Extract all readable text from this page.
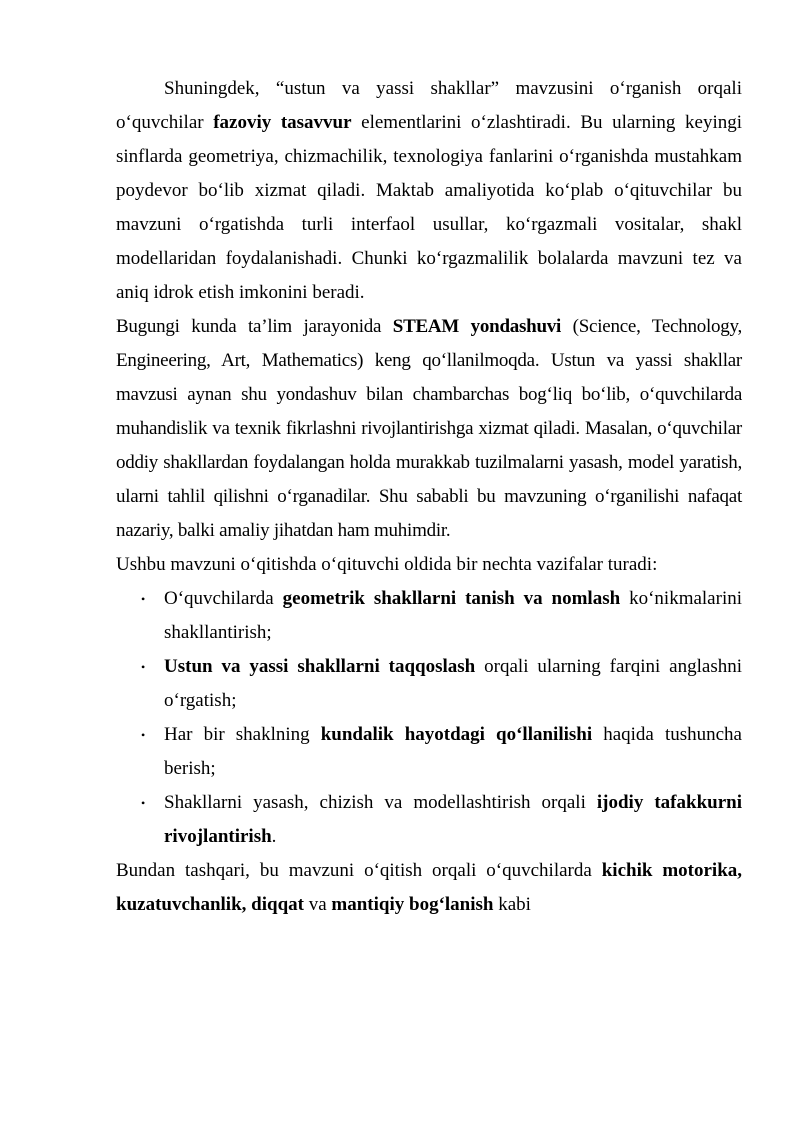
Shuningdek, “ustun va yassi shakllar” mavzusini o‘rganish orqali o‘quvchilar fazoviy tasavvur elementlarini o‘zlashtiradi. Bu ularning keyingi sinflarda geometriya, chizmachilik, texnologiya fanlarini o‘rganishda mustahkam poydevor bo‘lib xizmat qiladi. Maktab amaliyotida ko‘plab o‘qituvchilar bu mavzuni o‘rgatishda turli interfaol usullar, ko‘rgazmali vositalar, shakl modellaridan foydalanishadi. Chunki ko‘rgazmalilik bolalarda mavzuni tez va aniq idrok etish imkonini beradi.

Bugungi kunda ta’lim jarayonida STEAM yondashuvi (Science, Technology, Engineering, Art, Mathematics) keng qo‘llanilmoqda. Ustun va yassi shakllar mavzusi aynan shu yondashuv bilan chambarchas bog‘liq bo‘lib, o‘quvchilarda muhandislik va texnik fikrlashni rivojlantirishga xizmat qiladi. Masalan, o‘quvchilar oddiy shakllardan foydalangan holda murakkab tuzilmalarni yasash, model yaratish, ularni tahlil qilishni o‘rganadilar. Shu sababli bu mavzuning o‘rganilishi nafaqat nazariy, balki amaliy jihatdan ham muhimdir.

Ushbu mavzuni o‘qitishda o‘qituvchi oldida bir nechta vazifalar turadi:

• O‘quvchilarda geometrik shakllarni tanish va nomlash ko‘nikmalarini shakllantirish;
• Ustun va yassi shakllarni taqqoslash orqali ularning farqini anglashni o‘rgatish;
• Har bir shaklning kundalik hayotdagi qo‘llanilishi haqida tushuncha berish;
• Shakllarni yasash, chizish va modellashtirish orqali ijodiy tafakkurni rivojlantirish.

Bundan tashqari, bu mavzuni o‘qitish orqali o‘quvchilarda kichik motorika, kuzatuvchanlik, diqqat va mantiqiy bog‘lanish kabi
